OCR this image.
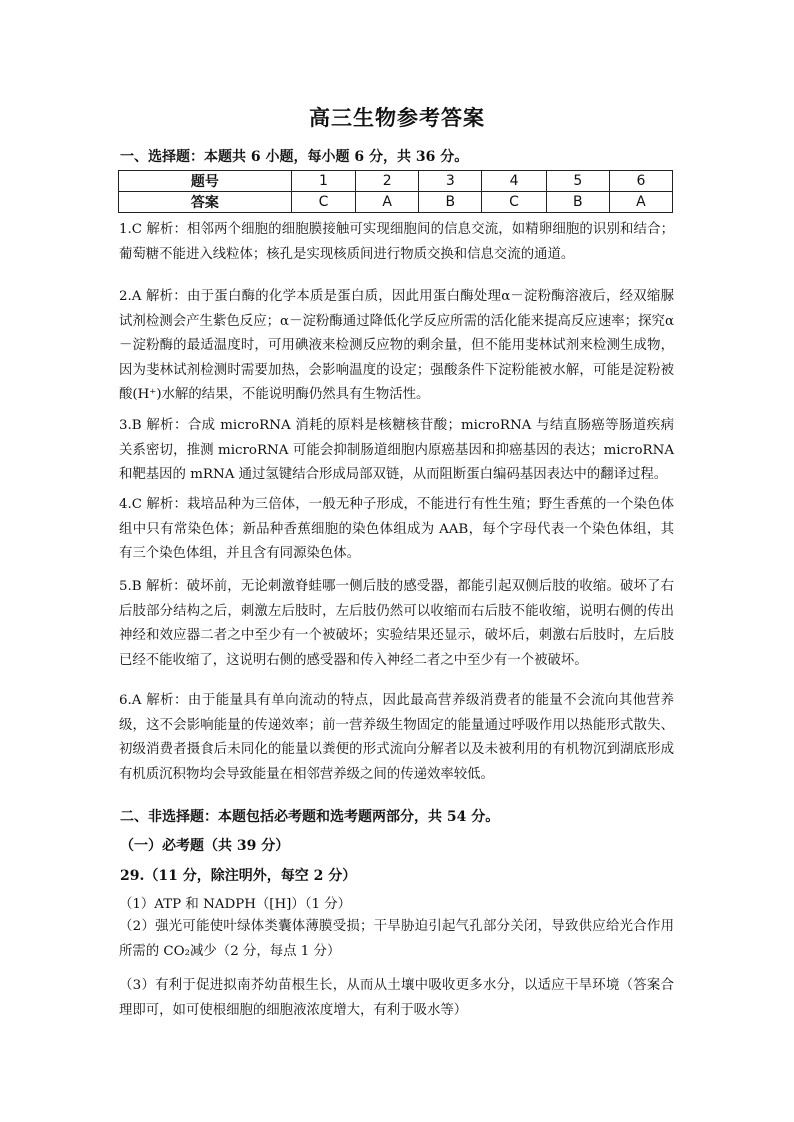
高三生物参考答案
一、选择题：本题共 6 小题，每小题 6 分，共 36 分。
题号	1	2	3	4	5	6
答案	C	A	B	C	B	A
1.C 解析：相邻两个细胞的细胞膜接触可实现细胞间的信息交流，如精卵细胞的识别和结合；葡萄糖不能进入线粒体；核孔是实现核质间进行物质交换和信息交流的通道。
2.A 解析：由于蛋白酶的化学本质是蛋白质，因此用蛋白酶处理α－淀粉酶溶液后，经双缩脲试剂检测会产生紫色反应；α－淀粉酶通过降低化学反应所需的活化能来提高反应速率；探究α－淀粉酶的最适温度时，可用碘液来检测反应物的剩余量，但不能用斐林试剂来检测生成物，因为斐林试剂检测时需要加热，会影响温度的设定；强酸条件下淀粉能被水解，可能是淀粉被酸(H⁺)水解的结果，不能说明酶仍然具有生物活性。
3.B 解析：合成 microRNA 消耗的原料是核糖核苷酸；microRNA 与结直肠癌等肠道疾病关系密切，推测 microRNA 可能会抑制肠道细胞内原癌基因和抑癌基因的表达；microRNA 和靶基因的 mRNA 通过氢键结合形成局部双链，从而阻断蛋白编码基因表达中的翻译过程。
4.C 解析：栽培品种为三倍体，一般无种子形成，不能进行有性生殖；野生香蕉的一个染色体组中只有常染色体；新品种香蕉细胞的染色体组成为 AAB，每个字母代表一个染色体组，其有三个染色体组，并且含有同源染色体。
5.B 解析：破坏前，无论刺激脊蛙哪一侧后肢的感受器，都能引起双侧后肢的收缩。破坏了右后肢部分结构之后，刺激左后肢时，左后肢仍然可以收缩而右后肢不能收缩，说明右侧的传出神经和效应器二者之中至少有一个被破坏；实验结果还显示，破坏后，刺激右后肢时，左后肢已经不能收缩了，这说明右侧的感受器和传入神经二者之中至少有一个被破坏。
6.A 解析：由于能量具有单向流动的特点，因此最高营养级消费者的能量不会流向其他营养级，这不会影响能量的传递效率；前一营养级生物固定的能量通过呼吸作用以热能形式散失、初级消费者摄食后未同化的能量以粪便的形式流向分解者以及未被利用的有机物沉到湖底形成有机质沉积物均会导致能量在相邻营养级之间的传递效率较低。
二、非选择题：本题包括必考题和选考题两部分，共 54 分。
（一）必考题（共 39 分）
29.（11 分，除注明外，每空 2 分）
（1）ATP 和 NADPH（[H]）（1 分）
（2）强光可能使叶绿体类囊体薄膜受损；干旱胁迫引起气孔部分关闭，导致供应给光合作用所需的 CO₂减少（2 分，每点 1 分）
（3）有利于促进拟南芥幼苗根生长，从而从土壤中吸收更多水分，以适应干旱环境（答案合理即可，如可使根细胞的细胞液浓度增大，有利于吸水等）
